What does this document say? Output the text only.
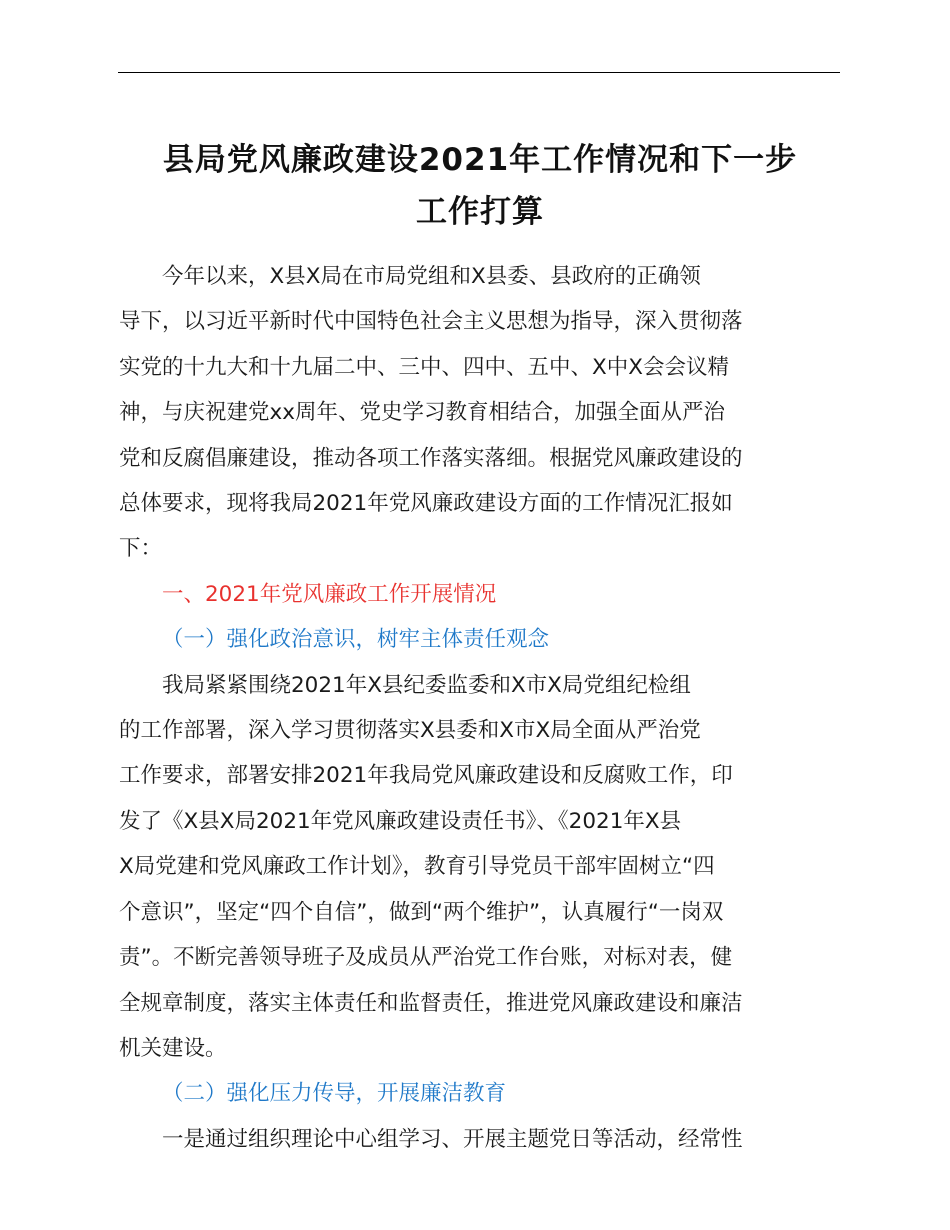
县局党风廉政建设2021年工作情况和下一步
工作打算
今年以来，X县X局在市局党组和X县委、县政府的正确领
导下，以习近平新时代中国特色社会主义思想为指导，深入贯彻落
实党的十九大和十九届二中、三中、四中、五中、X中X会会议精
神，与庆祝建党xx周年、党史学习教育相结合，加强全面从严治
党和反腐倡廉建设，推动各项工作落实落细。根据党风廉政建设的
总体要求，现将我局2021年党风廉政建设方面的工作情况汇报如
下：
一、2021年党风廉政工作开展情况
（一）强化政治意识，树牢主体责任观念
我局紧紧围绕2021年X县纪委监委和X市X局党组纪检组
的工作部署，深入学习贯彻落实X县委和X市X局全面从严治党
工作要求，部署安排2021年我局党风廉政建设和反腐败工作，印
发了《X县X局2021年党风廉政建设责任书》、《2021年X县
X局党建和党风廉政工作计划》，教育引导党员干部牢固树立“四
个意识”，坚定“四个自信”，做到“两个维护”，认真履行“一岗双
责”。不断完善领导班子及成员从严治党工作台账，对标对表，健
全规章制度，落实主体责任和监督责任，推进党风廉政建设和廉洁
机关建设。
（二）强化压力传导，开展廉洁教育
一是通过组织理论中心组学习、开展主题党日等活动，经常性
